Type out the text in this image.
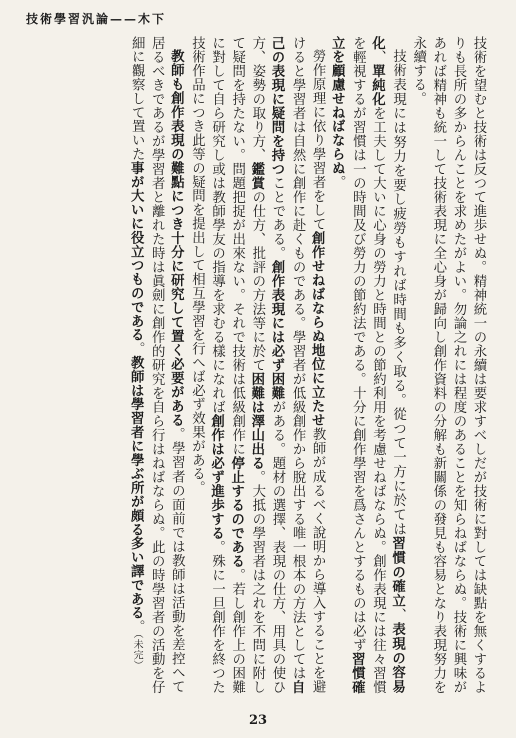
技術學習汎論——木下

技術を望むと技術は反つて進歩せぬ。精神統一の永續は要求すべしだが技術に對しては缺點を無くするよりも長所の多からんことを求めたがよい。勿論之れには程度のあることを知らねばならぬ。技術に興味があれば精神も統一して技術表現に全心身が歸向し創作資料の分解も新關係の發見も容易となり表現努力を永續する。

技術表現には努力を要し疲勞もすれば時間も多く取る。從つて一方に於ては習慣の確立、表現の容易化、單純化を工夫して大いに心身の勞力と時間との節約利用を考慮せねばならぬ。創作表現には往々習慣を輕視するが習慣は一の時間及び勞力の節約法である。十分に創作學習を爲さんとするものは必ず習慣確立を顧慮せねばならぬ。

勞作原理に依り學習者をして創作せねばならぬ地位に立たせ教師が成るべく說明から導入することを避けると學習者は自然に創作に赴くものである。學習者が低級創作から脫出する唯一根本の方法としては自己の表現に疑問を持つことである。創作表現には必ず困難がある。題材の選擇、表現の仕方、用具の使ひ方、姿勢の取り方、鑑賞の仕方、批評の方法等に於て困難は澤山出る。大抵の學習者は之れを不問に附して疑問を持たない。問題把捉が出來ない。それで技術は低級創作に停止するのである。若し創作上の困難に對して自ら研究し或は教師學友の指導を求むる樣になれば創作は必ず進歩する。殊に一旦創作を終つた技術作品につき此等の疑問を提出して相互學習を行へば必ず效果がある。

教師も創作表現の難點につき十分に研究して置く必要がある。學習者の面前では教師は活動を差控へて居るべきであるが學習者と離れた時は眞劍に創作的研究を自ら行はねばならぬ。此の時學習者の活動を仔細に觀察して置いた事が大いに役立つものである。教師は學習者に學ぶ所が頗る多い譯である。（未完）

23
